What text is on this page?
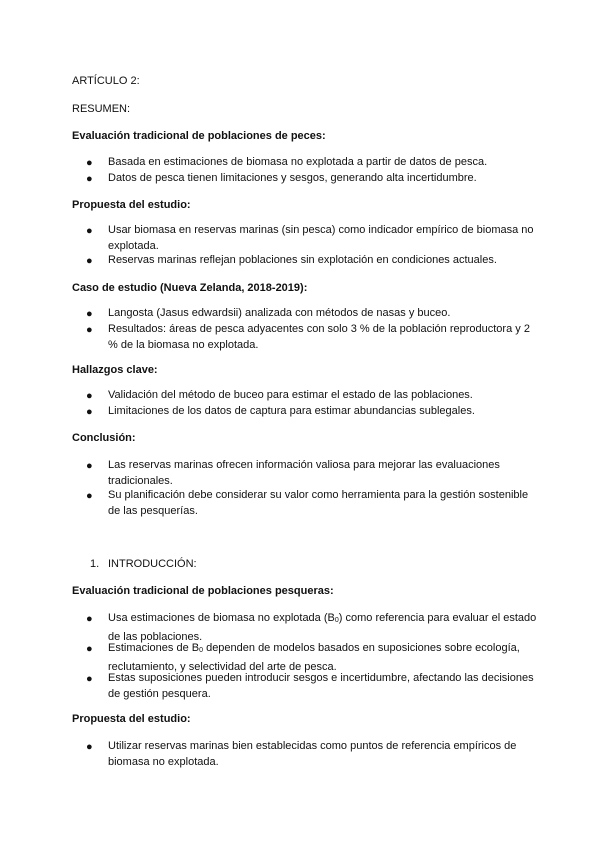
ARTÍCULO 2:
RESUMEN:
Evaluación tradicional de poblaciones de peces:
● Basada en estimaciones de biomasa no explotada a partir de datos de pesca.
● Datos de pesca tienen limitaciones y sesgos, generando alta incertidumbre.
Propuesta del estudio:
● Usar biomasa en reservas marinas (sin pesca) como indicador empírico de biomasa no explotada.
● Reservas marinas reflejan poblaciones sin explotación en condiciones actuales.
Caso de estudio (Nueva Zelanda, 2018-2019):
● Langosta (Jasus edwardsii) analizada con métodos de nasas y buceo.
● Resultados: áreas de pesca adyacentes con solo 3 % de la población reproductora y 2 % de la biomasa no explotada.
Hallazgos clave:
● Validación del método de buceo para estimar el estado de las poblaciones.
● Limitaciones de los datos de captura para estimar abundancias sublegales.
Conclusión:
● Las reservas marinas ofrecen información valiosa para mejorar las evaluaciones tradicionales.
● Su planificación debe considerar su valor como herramienta para la gestión sostenible de las pesquerías.
1. INTRODUCCIÓN:
Evaluación tradicional de poblaciones pesqueras:
● Usa estimaciones de biomasa no explotada $(B_0)$ como referencia para evaluar el estado de las poblaciones.
● Estimaciones de $B_0$ dependen de modelos basados en suposiciones sobre ecología, reclutamiento, y selectividad del arte de pesca.
● Estas suposiciones pueden introducir sesgos e incertidumbre, afectando las decisiones de gestión pesquera.
Propuesta del estudio:
● Utilizar reservas marinas bien establecidas como puntos de referencia empíricos de biomasa no explotada.
